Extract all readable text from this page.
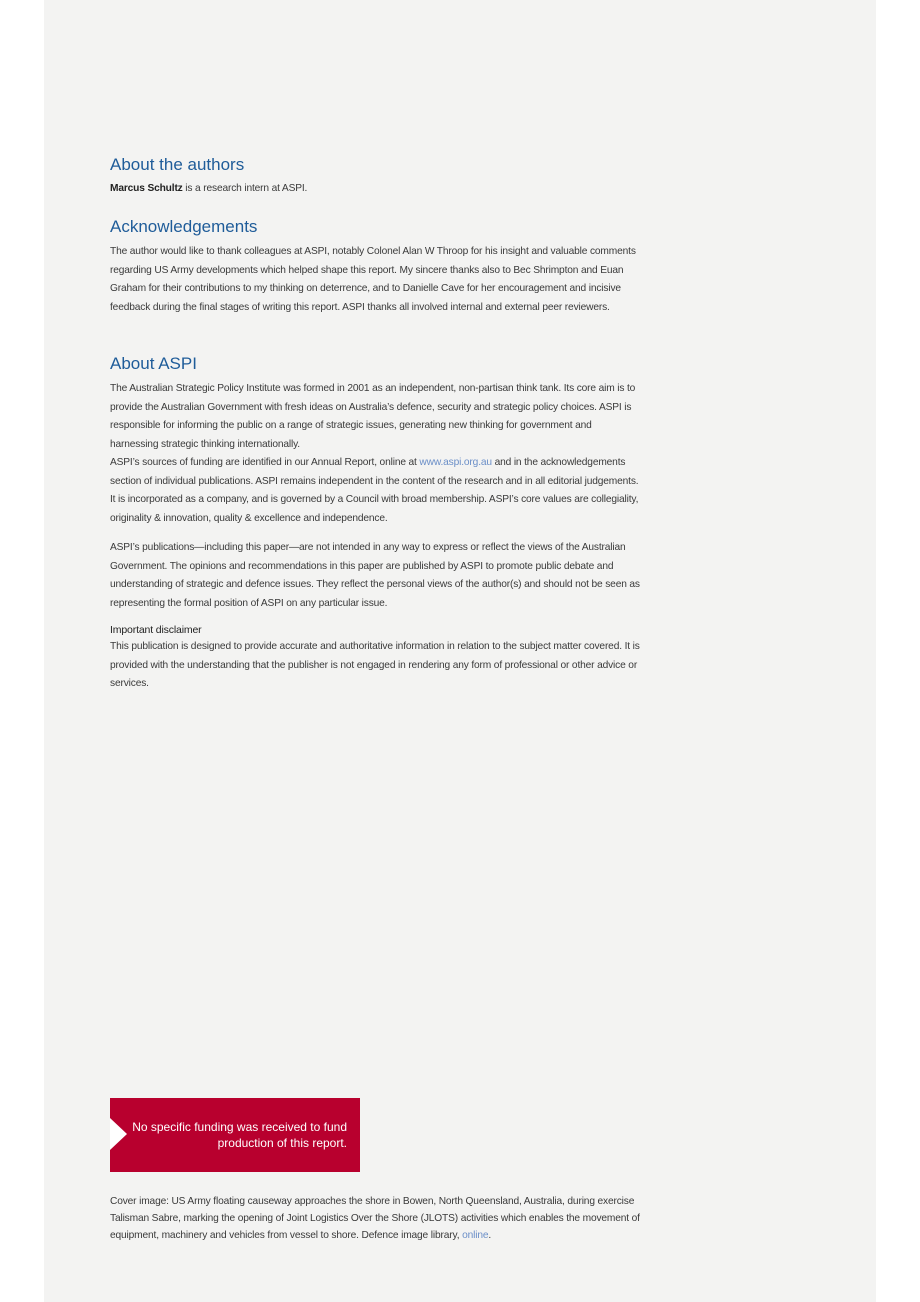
About the authors

Marcus Schultz is a research intern at ASPI.

Acknowledgements

The author would like to thank colleagues at ASPI, notably Colonel Alan W Throop for his insight and valuable comments regarding US Army developments which helped shape this report. My sincere thanks also to Bec Shrimpton and Euan Graham for their contributions to my thinking on deterrence, and to Danielle Cave for her encouragement and incisive feedback during the final stages of writing this report. ASPI thanks all involved internal and external peer reviewers.

About ASPI

The Australian Strategic Policy Institute was formed in 2001 as an independent, non-partisan think tank. Its core aim is to provide the Australian Government with fresh ideas on Australia’s defence, security and strategic policy choices. ASPI is responsible for informing the public on a range of strategic issues, generating new thinking for government and harnessing strategic thinking internationally.
ASPI’s sources of funding are identified in our Annual Report, online at www.aspi.org.au and in the acknowledgements section of individual publications. ASPI remains independent in the content of the research and in all editorial judgements. It is incorporated as a company, and is governed by a Council with broad membership. ASPI’s core values are collegiality, originality & innovation, quality & excellence and independence.

ASPI’s publications—including this paper—are not intended in any way to express or reflect the views of the Australian Government. The opinions and recommendations in this paper are published by ASPI to promote public debate and understanding of strategic and defence issues. They reflect the personal views of the author(s) and should not be seen as representing the formal position of ASPI on any particular issue.

Important disclaimer

This publication is designed to provide accurate and authoritative information in relation to the subject matter covered. It is provided with the understanding that the publisher is not engaged in rendering any form of professional or other advice or services.

No specific funding was received to fund production of this report.

Cover image: US Army floating causeway approaches the shore in Bowen, North Queensland, Australia, during exercise Talisman Sabre, marking the opening of Joint Logistics Over the Shore (JLOTS) activities which enables the movement of equipment, machinery and vehicles from vessel to shore. Defence image library, online.
